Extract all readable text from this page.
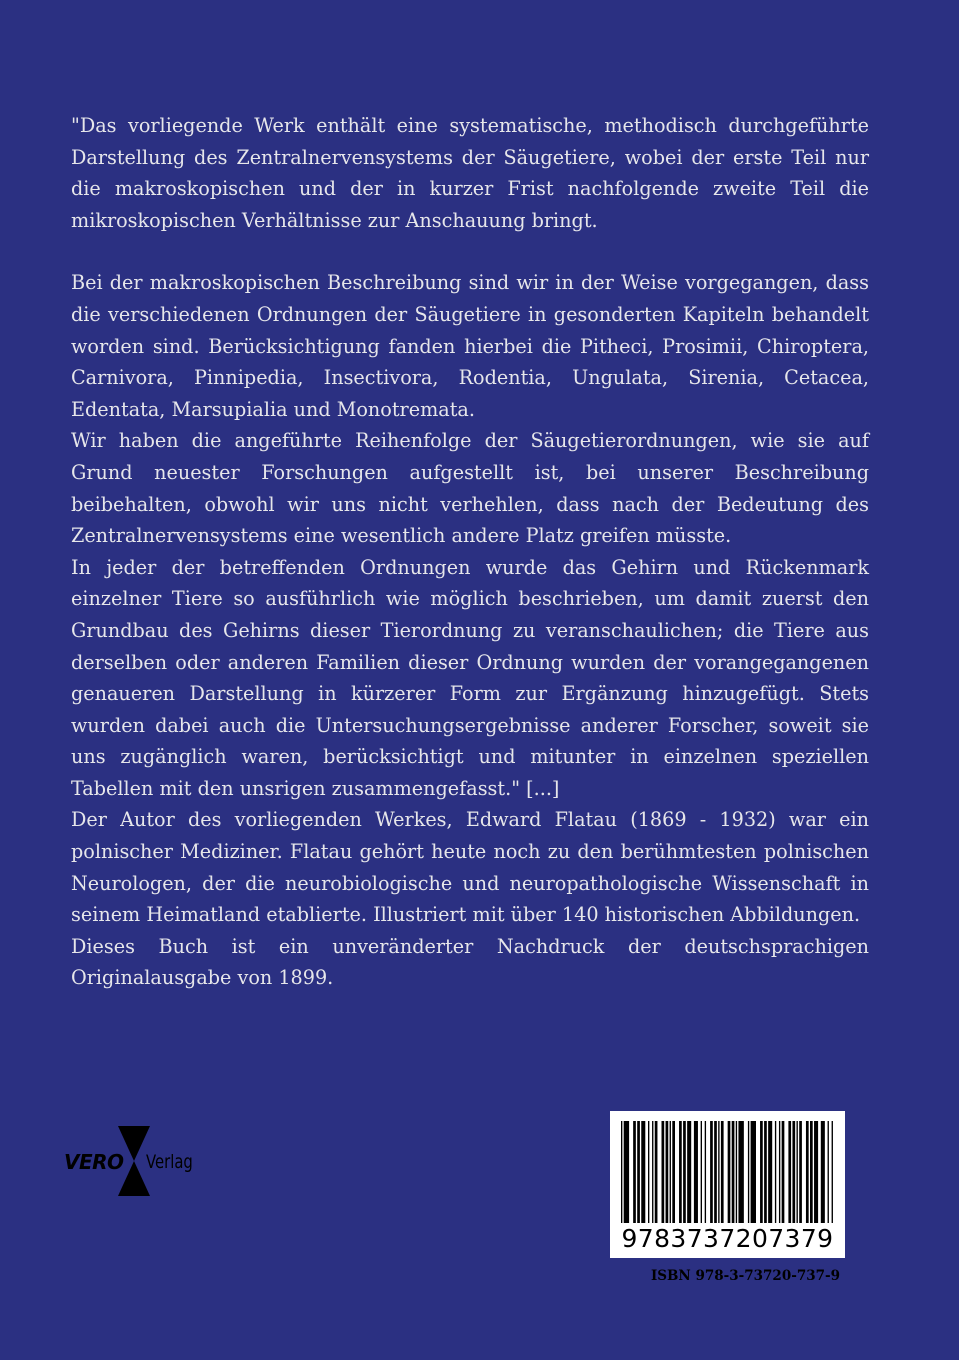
"Das vorliegende Werk enthält eine systematische, methodisch durchgeführte Darstellung des Zentralnervensystems der Säugetiere, wobei der erste Teil nur die makroskopischen und der in kurzer Frist nachfolgende zweite Teil die mikroskopischen Verhältnisse zur Anschauung bringt.

Bei der makroskopischen Beschreibung sind wir in der Weise vorgegangen, dass die verschiedenen Ordnungen der Säugetiere in gesonderten Kapiteln behandelt worden sind. Berücksichtigung fanden hierbei die Pitheci, Prosimii, Chiroptera, Carnivora, Pinnipedia, Insectivora, Rodentia, Ungulata, Sirenia, Cetacea, Edentata, Marsupialia und Monotremata.

Wir haben die angeführte Reihenfolge der Säugetierordnungen, wie sie auf Grund neuester Forschungen aufgestellt ist, bei unserer Beschreibung beibehalten, obwohl wir uns nicht verhehlen, dass nach der Bedeutung des Zentralnervensystems eine wesentlich andere Platz greifen müsste.

In jeder der betreffenden Ordnungen wurde das Gehirn und Rückenmark einzelner Tiere so ausführlich wie möglich beschrieben, um damit zuerst den Grundbau des Gehirns dieser Tierordnung zu veranschaulichen; die Tiere aus derselben oder anderen Familien dieser Ordnung wurden der vorangegangenen genaueren Darstellung in kürzerer Form zur Ergänzung hinzugefügt. Stets wurden dabei auch die Untersuchungsergebnisse anderer Forscher, soweit sie uns zugänglich waren, berücksichtigt und mitunter in einzelnen speziellen Tabellen mit den unsrigen zusammengefasst." [...]

Der Autor des vorliegenden Werkes, Edward Flatau (1869 - 1932) war ein polnischer Mediziner. Flatau gehört heute noch zu den berühmtesten polnischen Neurologen, der die neurobiologische und neuropathologische Wissenschaft in seinem Heimatland etablierte. Illustriert mit über 140 historischen Abbildungen.

Dieses Buch ist ein unveränderter Nachdruck der deutschsprachigen Originalausgabe von 1899.

VERO Verlag
9783737207379
ISBN 978-3-73720-737-9
